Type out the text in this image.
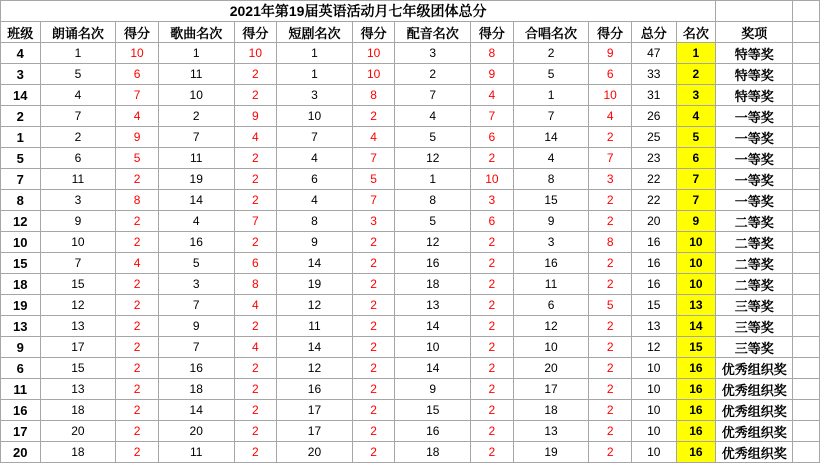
2021年第19届英语活动月七年级团体总分														
班级	朗诵名次	得分	歌曲名次	得分	短剧名次	得分	配音名次	得分	合唱名次	得分	总分	名次	奖项	
4	1	10	1	10	1	10	3	8	2	9	47	1	特等奖	
3	5	6	11	2	1	10	2	9	5	6	33	2	特等奖	
14	4	7	10	2	3	8	7	4	1	10	31	3	特等奖	
2	7	4	2	9	10	2	4	7	7	4	26	4	一等奖	
1	2	9	7	4	7	4	5	6	14	2	25	5	一等奖	
5	6	5	11	2	4	7	12	2	4	7	23	6	一等奖	
7	11	2	19	2	6	5	1	10	8	3	22	7	一等奖	
8	3	8	14	2	4	7	8	3	15	2	22	7	一等奖	
12	9	2	4	7	8	3	5	6	9	2	20	9	二等奖	
10	10	2	16	2	9	2	12	2	3	8	16	10	二等奖	
15	7	4	5	6	14	2	16	2	16	2	16	10	二等奖	
18	15	2	3	8	19	2	18	2	11	2	16	10	二等奖	
19	12	2	7	4	12	2	13	2	6	5	15	13	三等奖	
13	13	2	9	2	11	2	14	2	12	2	13	14	三等奖	
9	17	2	7	4	14	2	10	2	10	2	12	15	三等奖	
6	15	2	16	2	12	2	14	2	20	2	10	16	优秀组织奖	
11	13	2	18	2	16	2	9	2	17	2	10	16	优秀组织奖	
16	18	2	14	2	17	2	15	2	18	2	10	16	优秀组织奖	
17	20	2	20	2	17	2	16	2	13	2	10	16	优秀组织奖	
20	18	2	11	2	20	2	18	2	19	2	10	16	优秀组织奖	
